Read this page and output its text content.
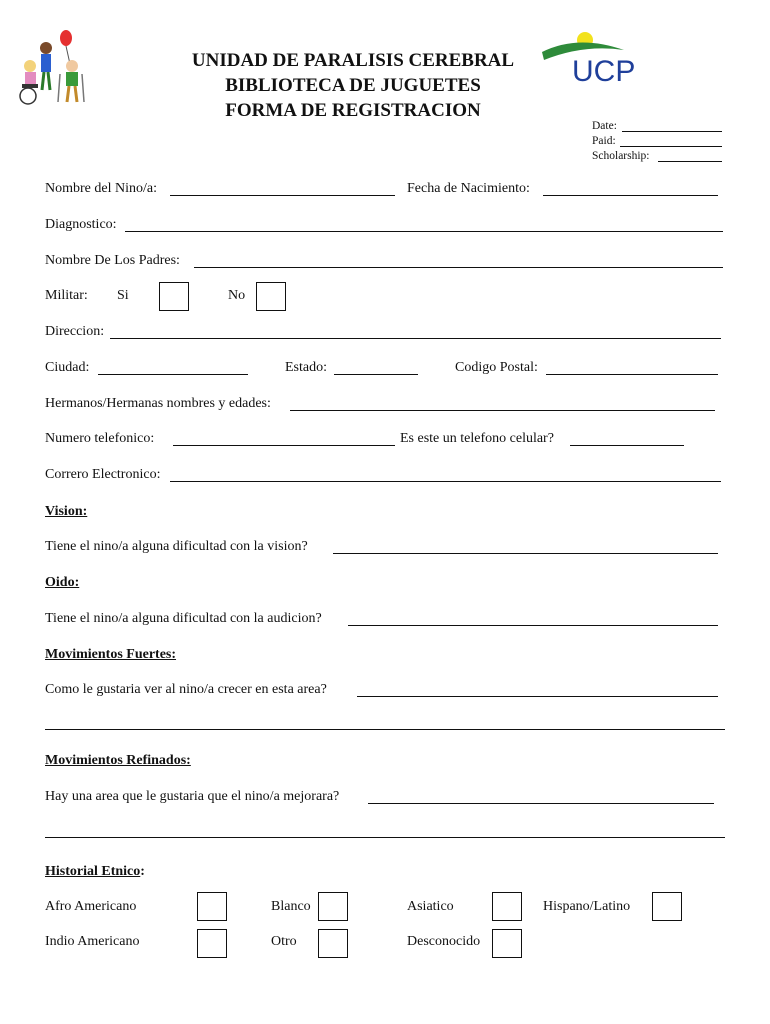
UNIDAD DE PARALISIS CEREBRAL
BIBLIOTECA DE JUGUETES
FORMA DE REGISTRACION
UCP
Date:
Paid:
Scholarship:
Nombre del Nino/a:	Fecha de Nacimiento:
Diagnostico:
Nombre De Los Padres:
Militar: Si	No
Direccion:
Ciudad:	Estado:	Codigo Postal:
Hermanos/Hermanas nombres y edades:
Numero telefonico:	Es este un telefono celular?
Correro Electronico:
Vision:
Tiene el nino/a alguna dificultad con la vision?
Oido:
Tiene el nino/a alguna dificultad con la audicion?
Movimientos Fuertes:
Como le gustaria ver al nino/a crecer en esta area?
Movimientos Refinados:
Hay una area que le gustaria que el nino/a mejorara?
Historial Etnico:
Afro Americano	Blanco	Asiatico	Hispano/Latino
Indio Americano	Otro	Desconocido
